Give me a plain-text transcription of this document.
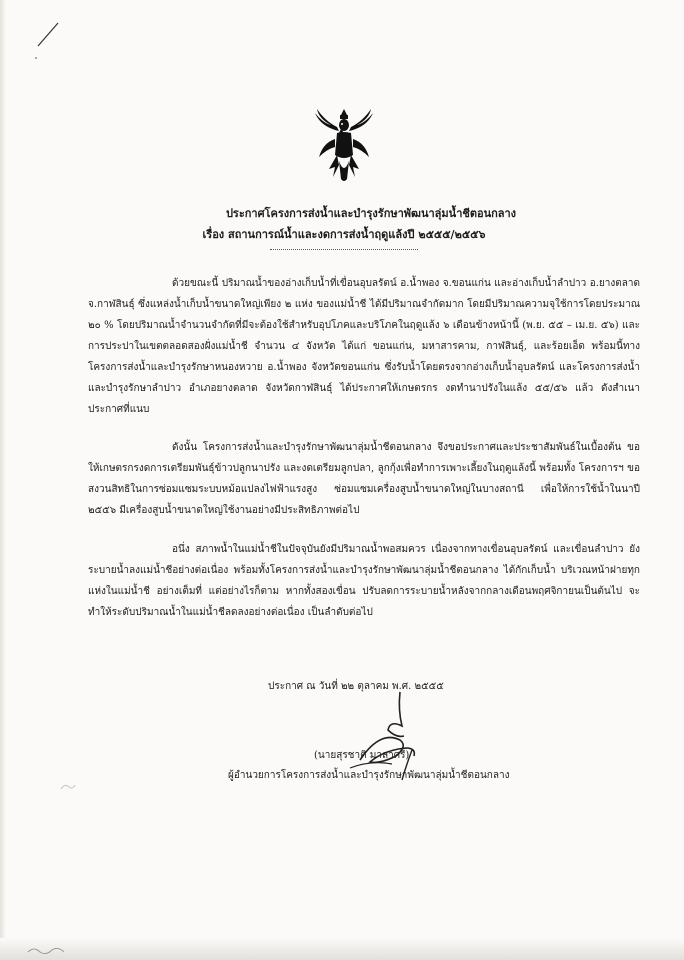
ประกาศโครงการส่งน้ำและบำรุงรักษาพัฒนาลุ่มน้ำชีตอนกลาง
เรื่อง สถานการณ์น้ำและงดการส่งน้ำฤดูแล้งปี ๒๕๕๕/๒๕๕๖

ด้วยขณะนี้ ปริมาณน้ำของอ่างเก็บน้ำที่เขื่อนอุบลรัตน์ อ.น้ำพอง จ.ขอนแก่น และอ่างเก็บน้ำลำปาว อ.ยางตลาด จ.กาฬสินธุ์ ซึ่งแหล่งน้ำเก็บน้ำขนาดใหญ่เพียง ๒ แห่ง ของแม่น้ำชี ได้มีปริมาณจำกัดมาก โดยมีปริมาณความจุใช้การโดยประมาณ ๒๐ % โดยปริมาณน้ำจำนวนจำกัดที่มีจะต้องใช้สำหรับอุปโภคและบริโภคในฤดูแล้ง ๖ เดือนข้างหน้านี้ (พ.ย. ๕๕ – เม.ย. ๕๖) และการประปาในเขตตลอดสองฝั่งแม่น้ำชี จำนวน ๔ จังหวัด ได้แก่ ขอนแก่น, มหาสารคาม, กาฬสินธุ์, และร้อยเอ็ด พร้อมนี้ทางโครงการส่งน้ำและบำรุงรักษาหนองหวาย อ.น้ำพอง จังหวัดขอนแก่น ซึ่งรับน้ำโดยตรงจากอ่างเก็บน้ำอุบลรัตน์ และโครงการส่งน้ำและบำรุงรักษาลำปาว อำเภอยางตลาด จังหวัดกาฬสินธุ์ ได้ประกาศให้เกษตรกร งดทำนาปรังในแล้ง ๕๕/๕๖ แล้ว ดังสำเนาประกาศที่แนบ

ดังนั้น โครงการส่งน้ำและบำรุงรักษาพัฒนาลุ่มน้ำชีตอนกลาง จึงขอประกาศและประชาสัมพันธ์ในเบื้องต้น ขอให้เกษตรกรงดการเตรียมพันธุ์ข้าวปลูกนาปรัง และงดเตรียมลูกปลา, ลูกกุ้งเพื่อทำการเพาะเลี้ยงในฤดูแล้งนี้ พร้อมทั้ง โครงการฯ ขอสงวนสิทธิในการซ่อมแซมระบบหม้อแปลงไฟฟ้าแรงสูง ซ่อมแซมเครื่องสูบน้ำขนาดใหญ่ในบางสถานี เพื่อให้การใช้น้ำในนาปี ๒๕๕๖ มีเครื่องสูบน้ำขนาดใหญ่ใช้งานอย่างมีประสิทธิภาพต่อไป

อนึ่ง สภาพน้ำในแม่น้ำชีในปัจจุบันยังมีปริมาณน้ำพอสมควร เนื่องจากทางเขื่อนอุบลรัตน์ และเขื่อนลำปาว ยังระบายน้ำลงแม่น้ำชีอย่างต่อเนื่อง พร้อมทั้งโครงการส่งน้ำและบำรุงรักษาพัฒนาลุ่มน้ำชีตอนกลาง ได้กักเก็บน้ำ บริเวณหน้าฝายทุกแห่งในแม่น้ำชี อย่างเต็มที่ แต่อย่างไรก็ตาม หากทั้งสองเขื่อน ปรับลดการระบายน้ำหลังจากกลางเดือนพฤศจิกายนเป็นต้นไป จะทำให้ระดับปริมาณน้ำในแม่น้ำชีลดลงอย่างต่อเนื่อง เป็นลำดับต่อไป

ประกาศ ณ วันที่ ๒๒ ตุลาคม พ.ศ. ๒๕๕๕
(นายสุรชาติ มาลาศรี)
ผู้อำนวยการโครงการส่งน้ำและบำรุงรักษาพัฒนาลุ่มน้ำชีตอนกลาง
